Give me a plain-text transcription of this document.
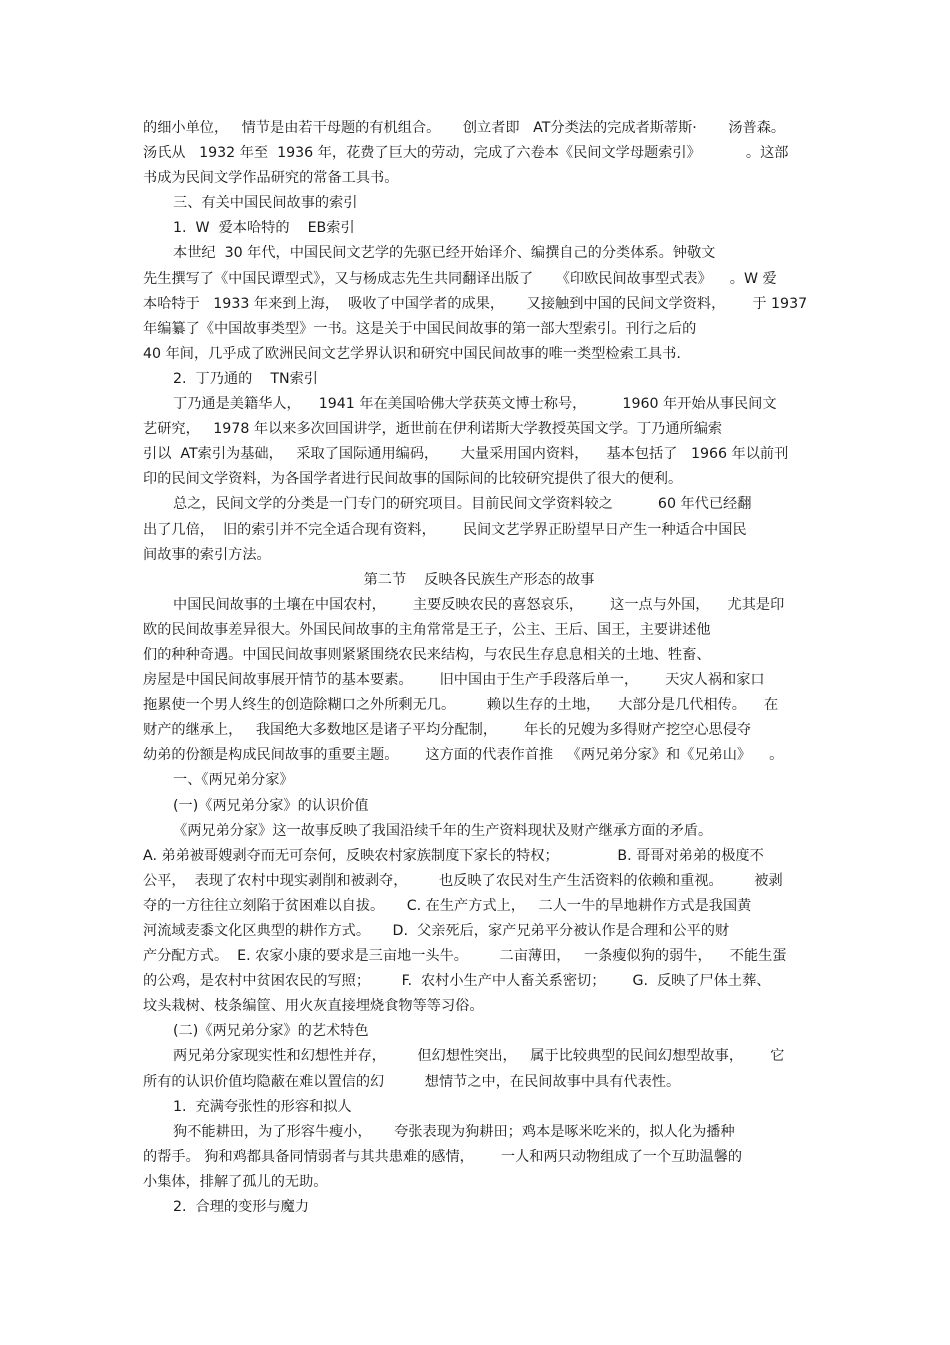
的细小单位，   情节是由若干母题的有机组合。     创立者即   AT分类法的完成者斯蒂斯·       汤普森。
汤氏从   1932 年至  1936 年，花费了巨大的劳动，完成了六卷本《民间文学母题索引》          。这部
书成为民间文学作品研究的常备工具书。
三、有关中国民间故事的索引
1.  W  爱本哈特的    EB索引
本世纪  30 年代，中国民间文艺学的先驱已经开始译介、编撰自己的分类体系。钟敬文
先生撰写了《中国民谭型式》，又与杨成志先生共同翻译出版了     《印欧民间故事型式表》    。W 爱
本哈特于   1933 年来到上海，  吸收了中国学者的成果，     又接触到中国的民间文学资料，      于 1937
年编纂了《中国故事类型》一书。这是关于中国民间故事的第一部大型索引。刊行之后的
40 年间，几乎成了欧洲民间文艺学界认识和研究中国民间故事的唯一类型检索工具书.
2.  丁乃通的    TN索引
丁乃通是美籍华人，    1941 年在美国哈佛大学获英文博士称号，        1960 年开始从事民间文
艺研究，   1978 年以来多次回国讲学，逝世前在伊利诺斯大学教授英国文学。丁乃通所编索
引以  AT索引为基础，   采取了国际通用编码，     大量采用国内资料，    基本包括了   1966 年以前刊
印的民间文学资料，为各国学者进行民间故事的国际间的比较研究提供了很大的便利。
总之，民间文学的分类是一门专门的研究项目。目前民间文学资料较之          60 年代已经翻
出了几倍，  旧的索引并不完全适合现有资料，      民间文艺学界正盼望早日产生一种适合中国民
间故事的索引方法。
第二节    反映各民族生产形态的故事
中国民间故事的土壤在中国农村，      主要反映农民的喜怒哀乐，      这一点与外国，    尤其是印
欧的民间故事差异很大。外国民间故事的主角常常是王子，公主、王后、国王，主要讲述他
们的种种奇遇。中国民间故事则紧紧围绕农民来结构，与农民生存息息相关的土地、牲畜、
房屋是中国民间故事展开情节的基本要素。      旧中国由于生产手段落后单一，      天灾人祸和家口
拖累使一个男人终生的创造除糊口之外所剩无几。       赖以生存的土地，    大部分是几代相传。    在
财产的继承上，   我国绝大多数地区是诸子平均分配制，      年长的兄嫂为多得财产挖空心思侵夺
幼弟的份额是构成民间故事的重要主题。      这方面的代表作首推   《两兄弟分家》和《兄弟山》    。
一、《两兄弟分家》
(一)《两兄弟分家》的认识价值
《两兄弟分家》这一故事反映了我国沿续千年的生产资料现状及财产继承方面的矛盾。
A. 弟弟被哥嫂剥夺而无可奈何，反映农村家族制度下家长的特权；             B. 哥哥对弟弟的极度不
公平，  表现了农村中现实剥削和被剥夺，       也反映了农民对生产生活资料的依赖和重视。       被剥
夺的一方往往立刻陷于贫困难以自拔。     C. 在生产方式上，   二人一牛的旱地耕作方式是我国黄
河流域麦黍文化区典型的耕作方式。     D.  父亲死后，家产兄弟平分被认作是合理和公平的财
产分配方式。  E. 农家小康的要求是三亩地一头牛。       二亩薄田，   一条瘦似狗的弱牛，    不能生蛋
的公鸡，是农村中贫困农民的写照；       F.  农村小生产中人畜关系密切；      G.  反映了尸体土葬、
坟头栽树、枝条编筐、用火灰直接埋烧食物等等习俗。
(二)《两兄弟分家》的艺术特色
两兄弟分家现实性和幻想性并存，       但幻想性突出，   属于比较典型的民间幻想型故事，      它
所有的认识价值均隐蔽在难以置信的幻         想情节之中，在民间故事中具有代表性。
1.  充满夸张性的形容和拟人
狗不能耕田，为了形容牛瘦小，     夸张表现为狗耕田；鸡本是啄米吃米的，拟人化为播种
的帮手。 狗和鸡都具备同情弱者与其共患难的感情，      一人和两只动物组成了一个互助温馨的
小集体，排解了孤儿的无助。
2.  合理的变形与魔力
